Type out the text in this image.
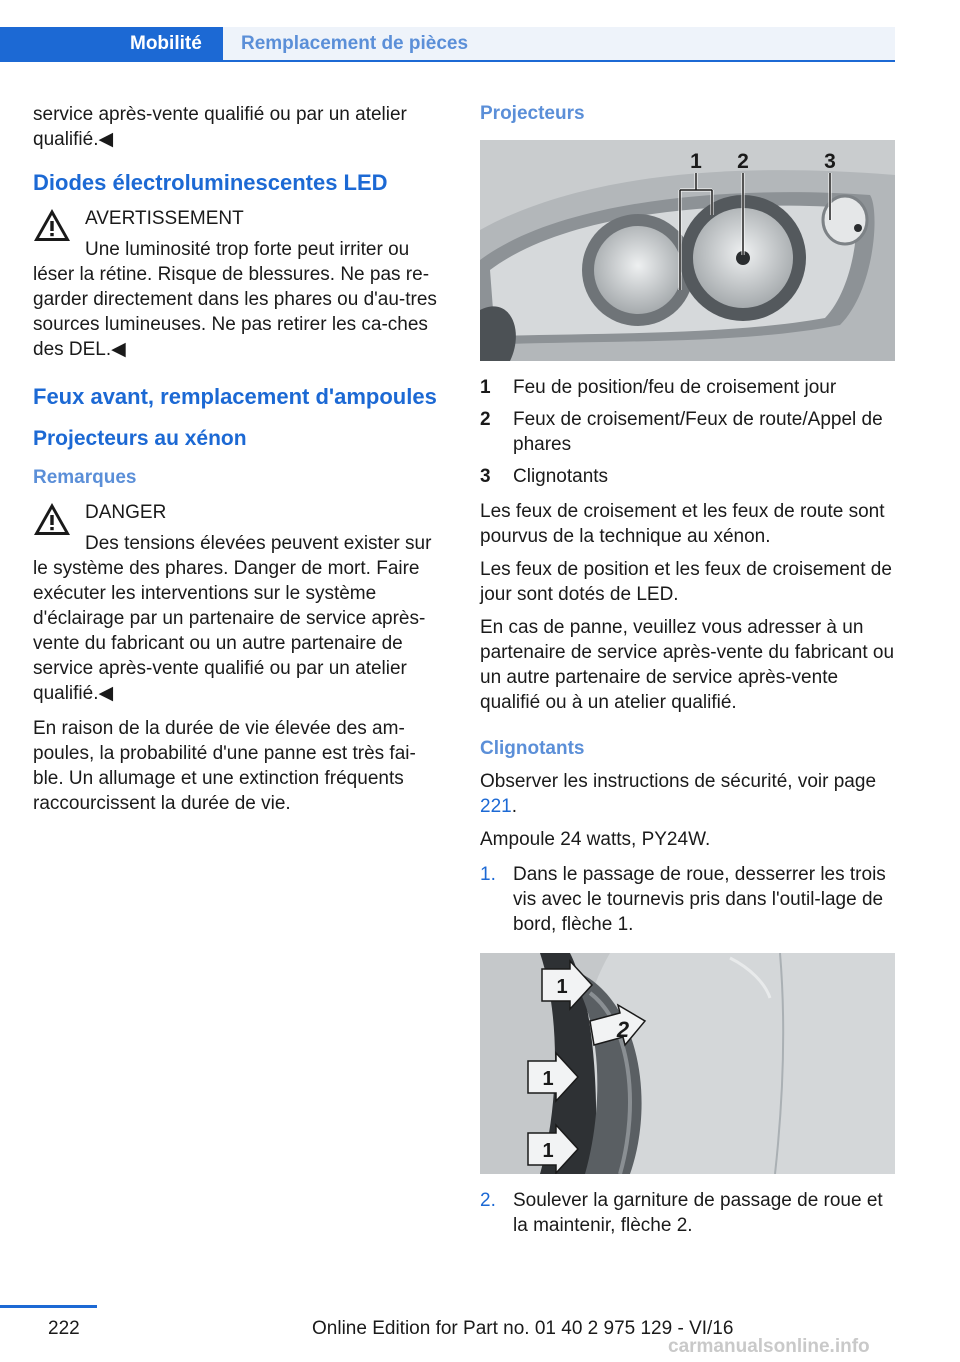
Mobilité Remplacement de pièces

service après-vente qualifié ou par un atelier qualifié.◀

Diodes électroluminescentes LED
AVERTISSEMENT
Une luminosité trop forte peut irriter ou
léser la rétine. Risque de blessures. Ne pas re‐garder directement dans les phares ou d'au‐tres sources lumineuses. Ne pas retirer les ca‐ches des DEL.◀
Feux avant, remplacement d'ampoules
Projecteurs au xénon
Remarques
DANGER
Des tensions élevées peuvent exister sur
le système des phares. Danger de mort. Faire exécuter les interventions sur le système d'éclairage par un partenaire de service après-vente du fabricant ou un autre partenaire de service après-vente qualifié ou par un atelier qualifié.◀

En raison de la durée de vie élevée des am‐poules, la probabilité d'une panne est très fai‐ble. Un allumage et une extinction fréquents raccourcissent la durée de vie.

Projecteurs
1 2	3
1	Feu de position/feu de croisement jour
2	Feux de croisement/Feux de route/Appel de phares
3	Clignotants

Les feux de croisement et les feux de route sont pourvus de la technique au xénon.

Les feux de position et les feux de croisement de jour sont dotés de LED.

En cas de panne, veuillez vous adresser à un partenaire de service après-vente du fabricant ou un autre partenaire de service après-vente qualifié ou à un atelier qualifié.

Clignotants

Observer les instructions de sécurité, voir page 221.

Ampoule 24 watts, PY24W.

1. Dans le passage de roue, desserrer les trois vis avec le tournevis pris dans l'outil‐lage de bord, flèche 1.
1
2
1
1
2. Soulever la garniture de passage de roue et la maintenir, flèche 2.
222	Online Edition for Part no. 01 40 2 975 129 - VI/16
carmanualsonline.info
